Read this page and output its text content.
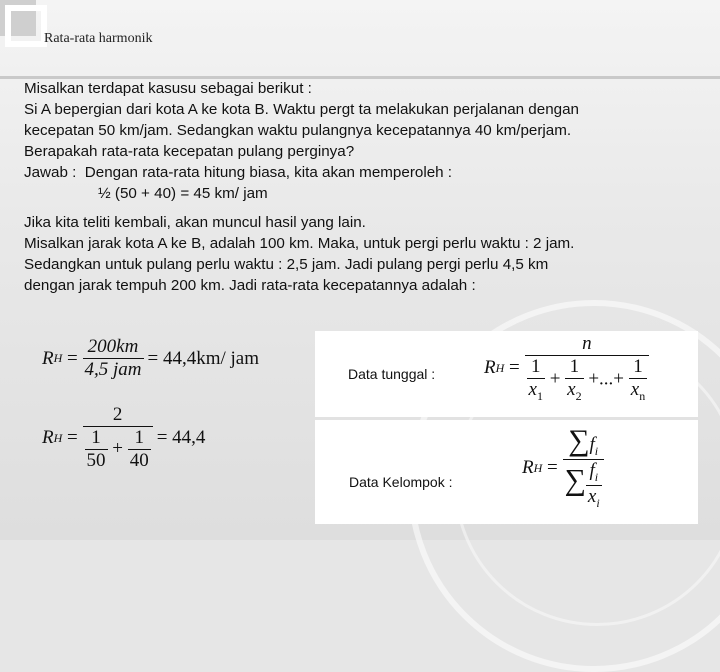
Rata-rata harmonik
Misalkan terdapat kasusu sebagai berikut :
Si A bepergian dari kota A ke kota B. Waktu pergt ta melakukan perjalanan dengan
kecepatan 50 km/jam. Sedangkan waktu pulangnya kecepatannya 40 km/perjam.
Berapakah rata-rata kecepatan pulang perginya?
Jawab :  Dengan rata-rata hitung biasa, kita akan memperoleh :
½ (50 + 40) = 45 km/ jam
Jika kita teliti kembali, akan muncul hasil yang lain.
Misalkan jarak kota A ke B, adalah 100 km. Maka, untuk pergi perlu waktu : 2 jam.
Sedangkan untuk pulang perlu waktu : 2,5 jam. Jadi pulang pergi perlu 4,5 km
dengan jarak tempuh 200 km. Jadi rata-rata kecepatannya adalah :
R $H = \frac{200km}{\text{4,5 jam}} = 44,4km/$ jam
R $H = \frac{2}{\frac{1}{50} + \frac{1}{40}} = 44,4$
Data tunggal :	R $H = \frac{n}{\frac{1}{x_1} + \frac{1}{x_2} +...+ \frac{1}{x_n}}$
Data Kelompok :
R $H = \frac{\sum f_i}{\sum \frac{f_i}{x_i}}$
